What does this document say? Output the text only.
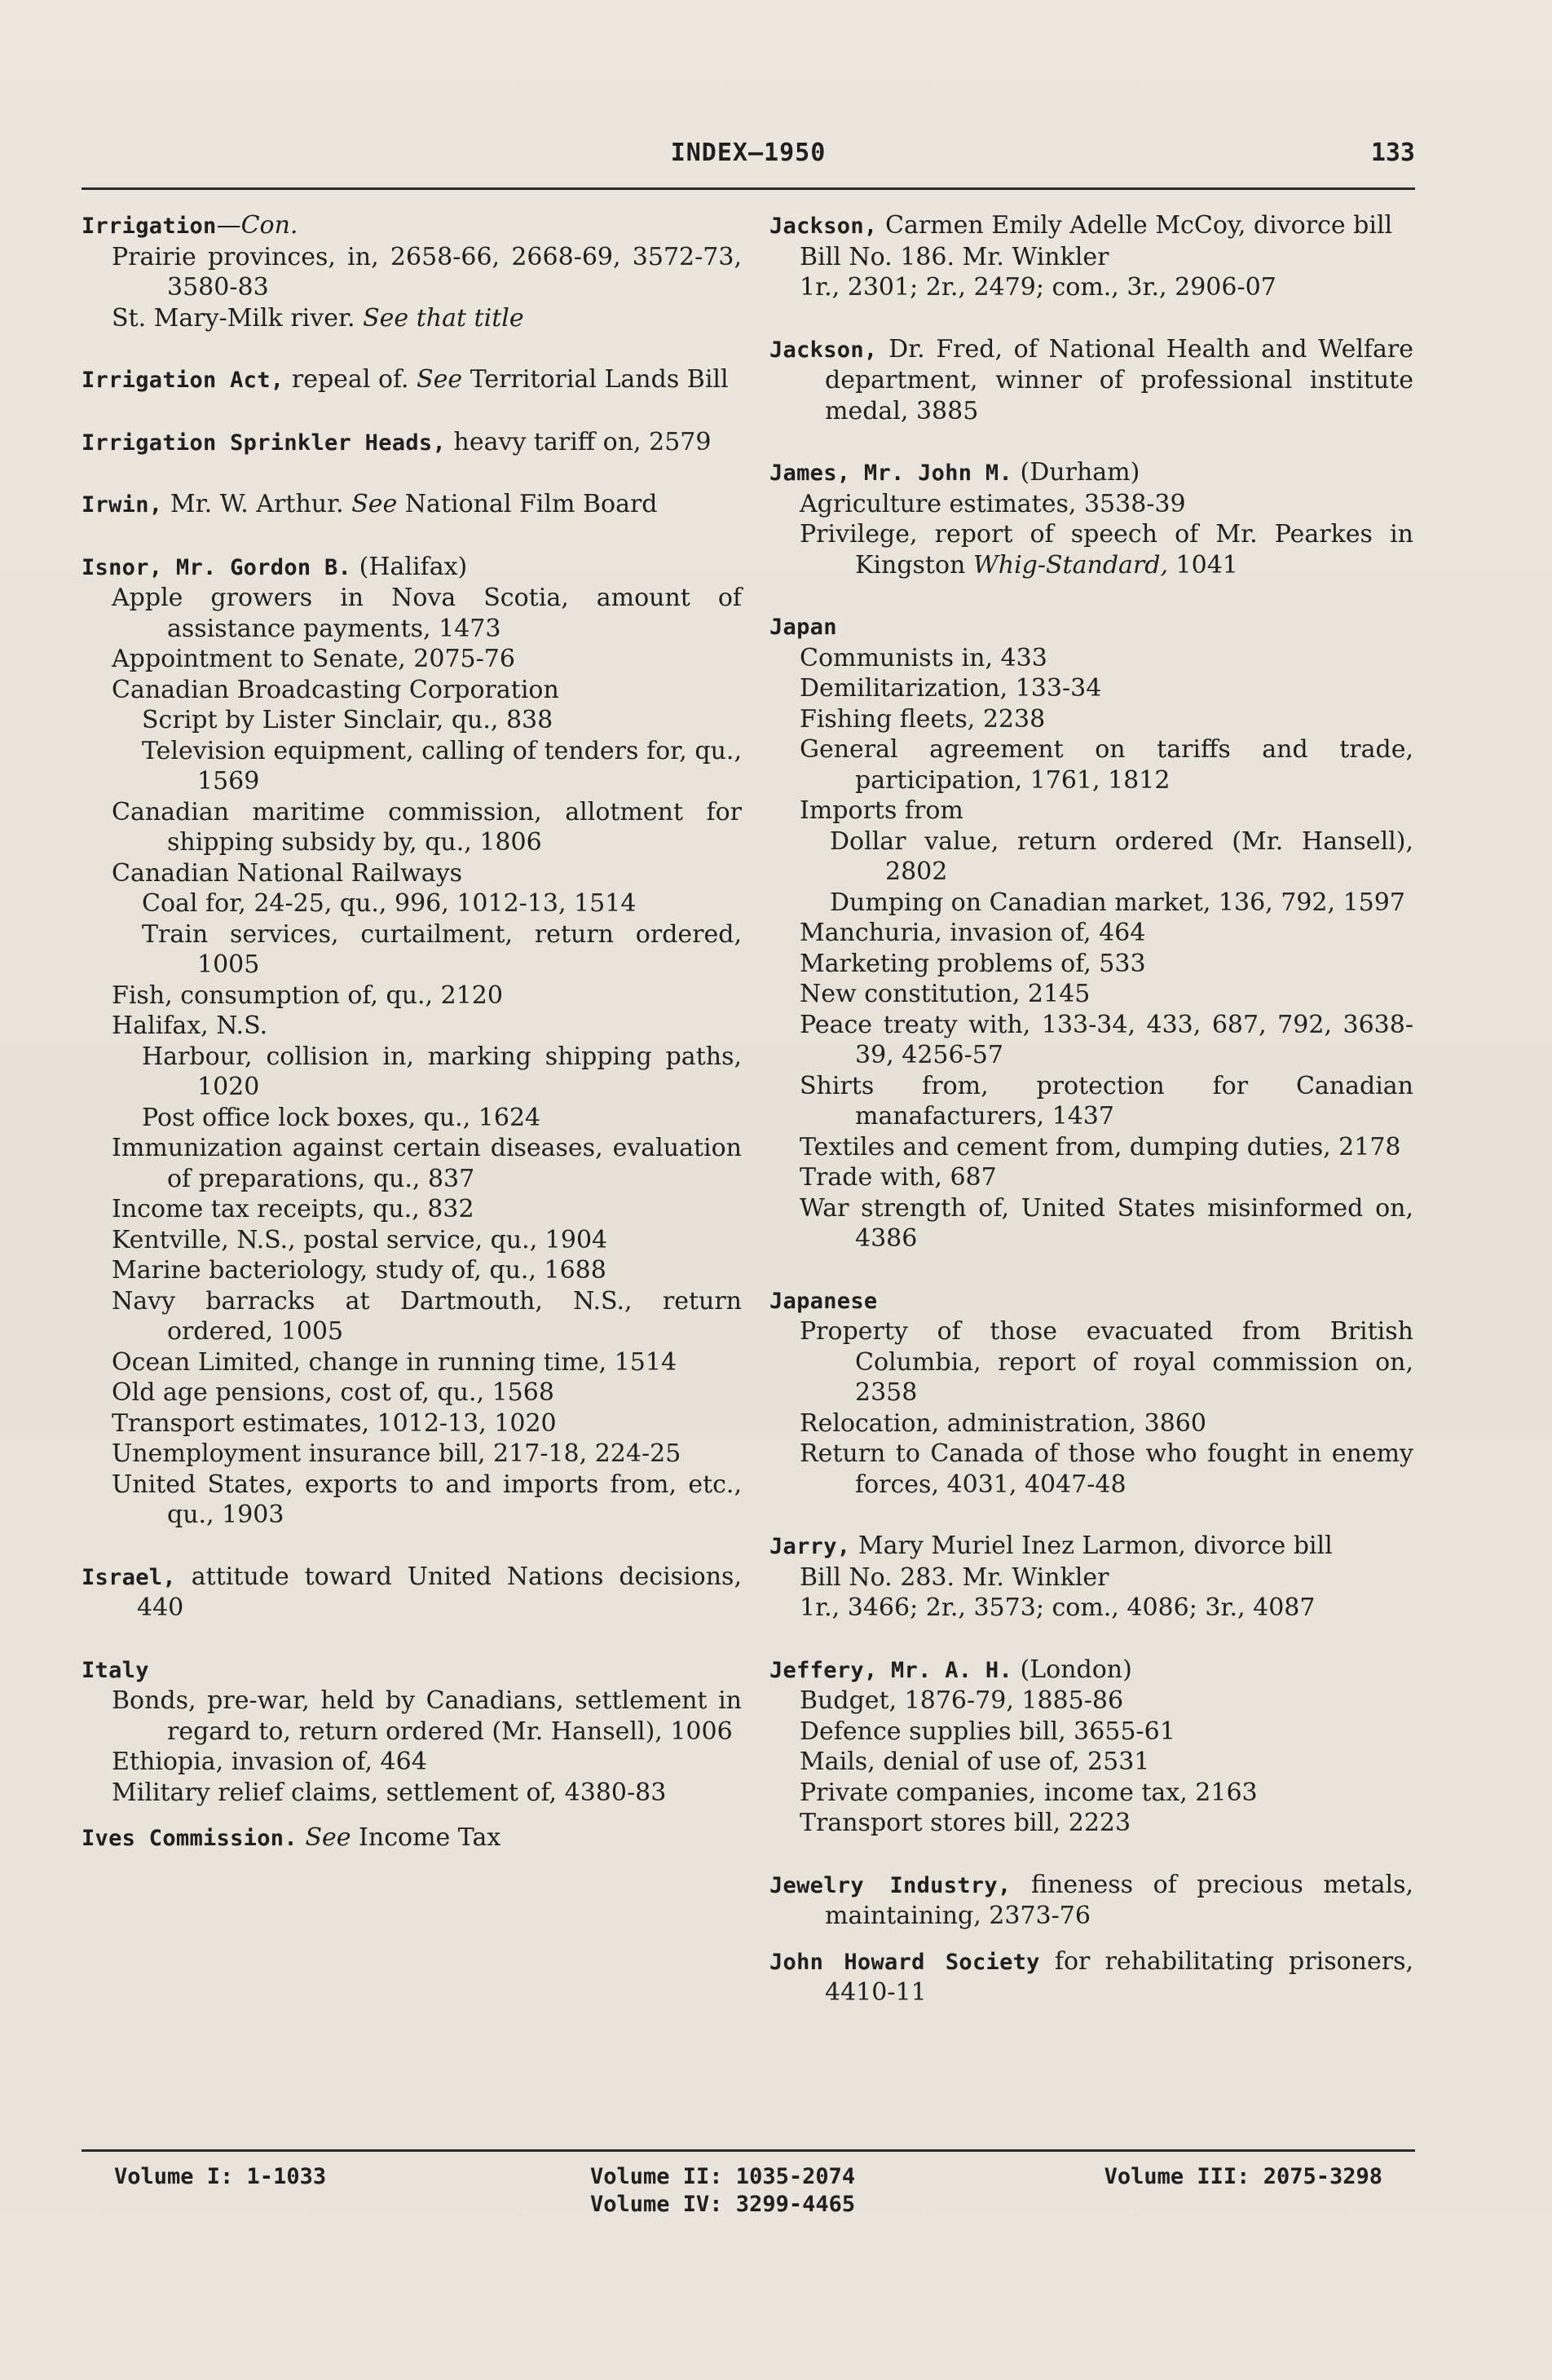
INDEX—1950	133
Irrigation—Con.
Prairie provinces, in, 2658-66, 2668-69, 3572-73, 3580-83
St. Mary-Milk river. See that title
Irrigation Act, repeal of. See Territorial Lands Bill
Irrigation Sprinkler Heads, heavy tariff on, 2579
Irwin, Mr. W. Arthur. See National Film Board
Isnor, Mr. Gordon B. (Halifax)
Apple growers in Nova Scotia, amount of assistance payments, 1473
Appointment to Senate, 2075-76
Canadian Broadcasting Corporation
Script by Lister Sinclair, qu., 838
Television equipment, calling of tenders for, qu., 1569
Canadian maritime commission, allotment for shipping subsidy by, qu., 1806
Canadian National Railways
Coal for, 24-25, qu., 996, 1012-13, 1514
Train services, curtailment, return ordered, 1005
Fish, consumption of, qu., 2120
Halifax, N.S.
Harbour, collision in, marking shipping paths, 1020
Post office lock boxes, qu., 1624
Immunization against certain diseases, evaluation of preparations, qu., 837
Income tax receipts, qu., 832
Kentville, N.S., postal service, qu., 1904
Marine bacteriology, study of, qu., 1688
Navy barracks at Dartmouth, N.S., return ordered, 1005
Ocean Limited, change in running time, 1514
Old age pensions, cost of, qu., 1568
Transport estimates, 1012-13, 1020
Unemployment insurance bill, 217-18, 224-25
United States, exports to and imports from, etc., qu., 1903
Israel, attitude toward United Nations decisions, 440
Italy
Bonds, pre-war, held by Canadians, settlement in regard to, return ordered (Mr. Hansell), 1006
Ethiopia, invasion of, 464
Military relief claims, settlement of, 4380-83
Ives Commission. See Income Tax
Jackson, Carmen Emily Adelle McCoy, divorce bill
Bill No. 186. Mr. Winkler
1r., 2301; 2r., 2479; com., 3r., 2906-07
Jackson, Dr. Fred, of National Health and Welfare department, winner of professional institute medal, 3885
James, Mr. John M. (Durham)
Agriculture estimates, 3538-39
Privilege, report of speech of Mr. Pearkes in Kingston Whig-Standard, 1041
Japan
Communists in, 433
Demilitarization, 133-34
Fishing fleets, 2238
General agreement on tariffs and trade, participation, 1761, 1812
Imports from
Dollar value, return ordered (Mr. Hansell), 2802
Dumping on Canadian market, 136, 792, 1597
Manchuria, invasion of, 464
Marketing problems of, 533
New constitution, 2145
Peace treaty with, 133-34, 433, 687, 792, 3638-39, 4256-57
Shirts from, protection for Canadian manafacturers, 1437
Textiles and cement from, dumping duties, 2178
Trade with, 687
War strength of, United States misinformed on, 4386
Japanese
Property of those evacuated from British Columbia, report of royal commission on, 2358
Relocation, administration, 3860
Return to Canada of those who fought in enemy forces, 4031, 4047-48
Jarry, Mary Muriel Inez Larmon, divorce bill
Bill No. 283. Mr. Winkler
1r., 3466; 2r., 3573; com., 4086; 3r., 4087
Jeffery, Mr. A. H. (London)
Budget, 1876-79, 1885-86
Defence supplies bill, 3655-61
Mails, denial of use of, 2531
Private companies, income tax, 2163
Transport stores bill, 2223
Jewelry Industry, fineness of precious metals, maintaining, 2373-76
John Howard Society for rehabilitating prisoners, 4410-11
Volume I: 1-1033	Volume II: 1035-2074	Volume III: 2075-3298
Volume IV: 3299-4465
